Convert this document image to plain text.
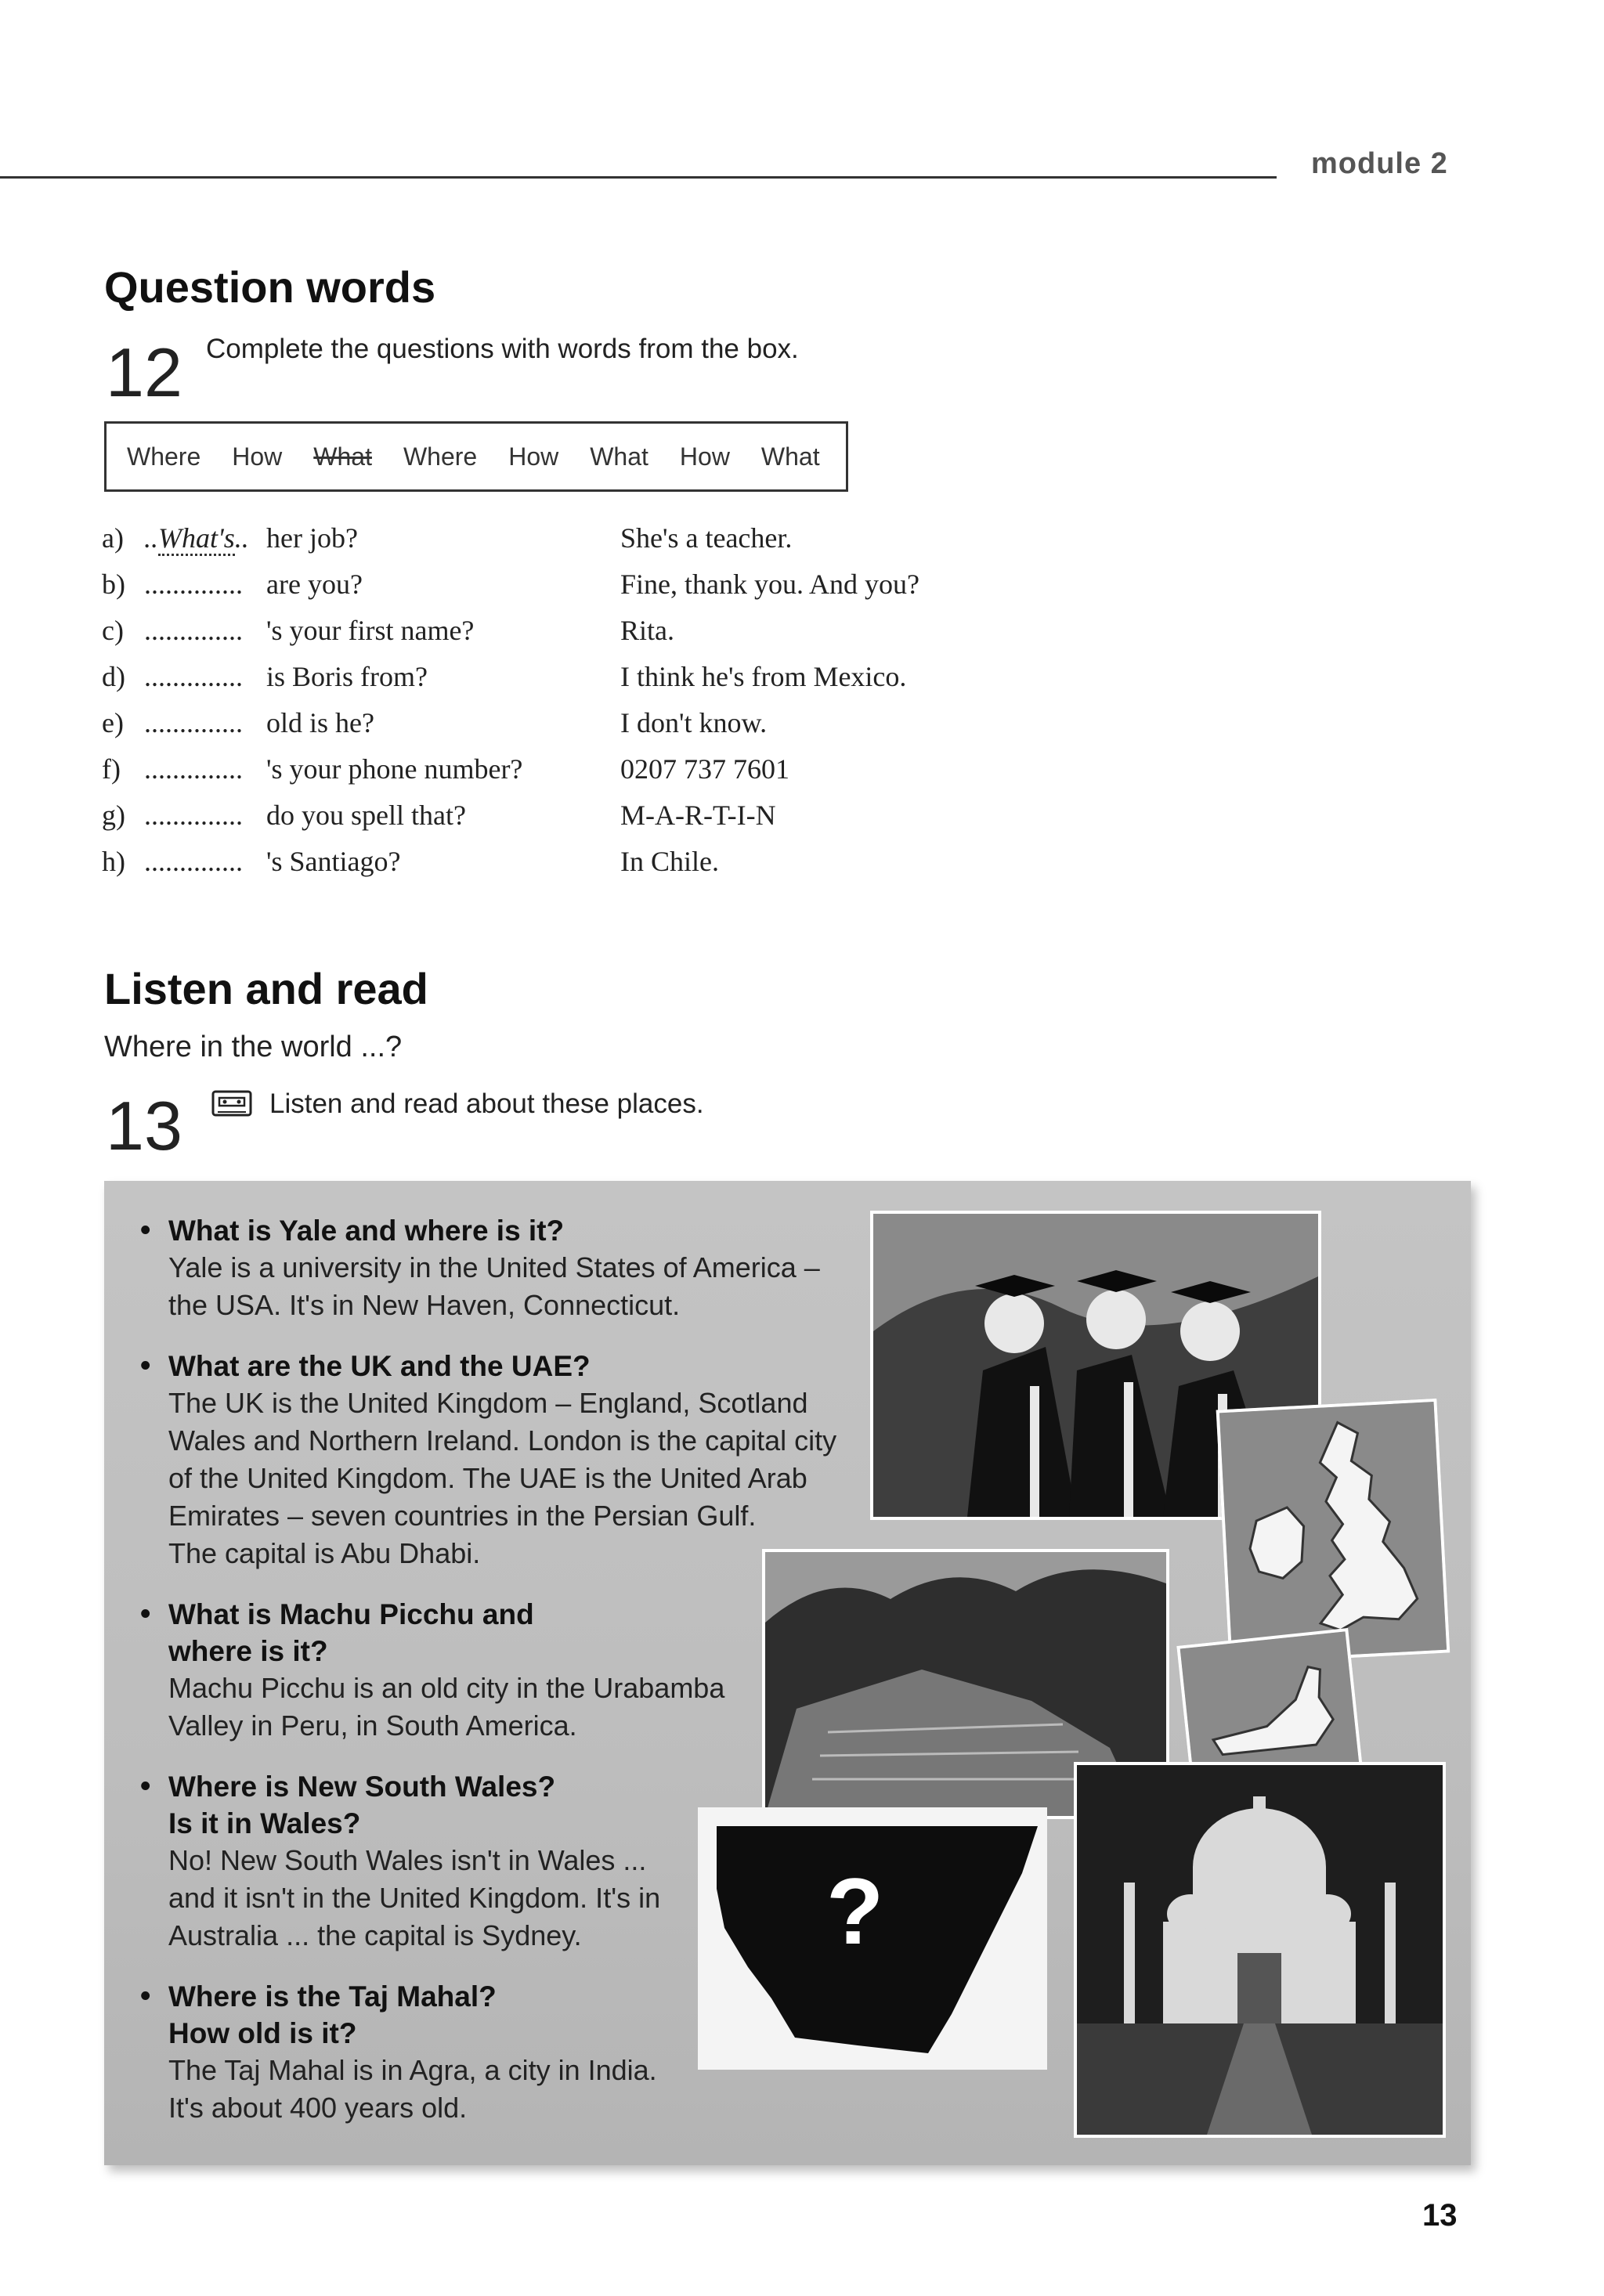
module 2
Question words
12 Complete the questions with words from the box.
Where How What Where How What How What
a) ..What's.. her job?	She's a teacher.
b) .............. are you?	Fine, thank you. And you?
c) .............. 's your first name?	Rita.
d) .............. is Boris from?	I think he's from Mexico.
e) .............. old is he?	I don't know.
f) .............. 's your phone number?	0207 737 7601
g) .............. do you spell that?	M-A-R-T-I-N
h) .............. 's Santiago?	In Chile.
Listen and read
Where in the world ...?
13	Listen and read about these places.
• What is Yale and where is it?
Yale is a university in the United States of America –
the USA. It's in New Haven, Connecticut.
• What are the UK and the UAE?
The UK is the United Kingdom – England, Scotland
Wales and Northern Ireland. London is the capital city
of the United Kingdom. The UAE is the United Arab
Emirates – seven countries in the Persian Gulf.
The capital is Abu Dhabi.
• What is Machu Picchu and
where is it?
Machu Picchu is an old city in the Urabamba
Valley in Peru, in South America.
• Where is New South Wales?
Is it in Wales?
No! New South Wales isn't in Wales ...
and it isn't in the United Kingdom. It's in
Australia ... the capital is Sydney.
• Where is the Taj Mahal?
How old is it?
The Taj Mahal is in Agra, a city in India.
It's about 400 years old.
?
13
